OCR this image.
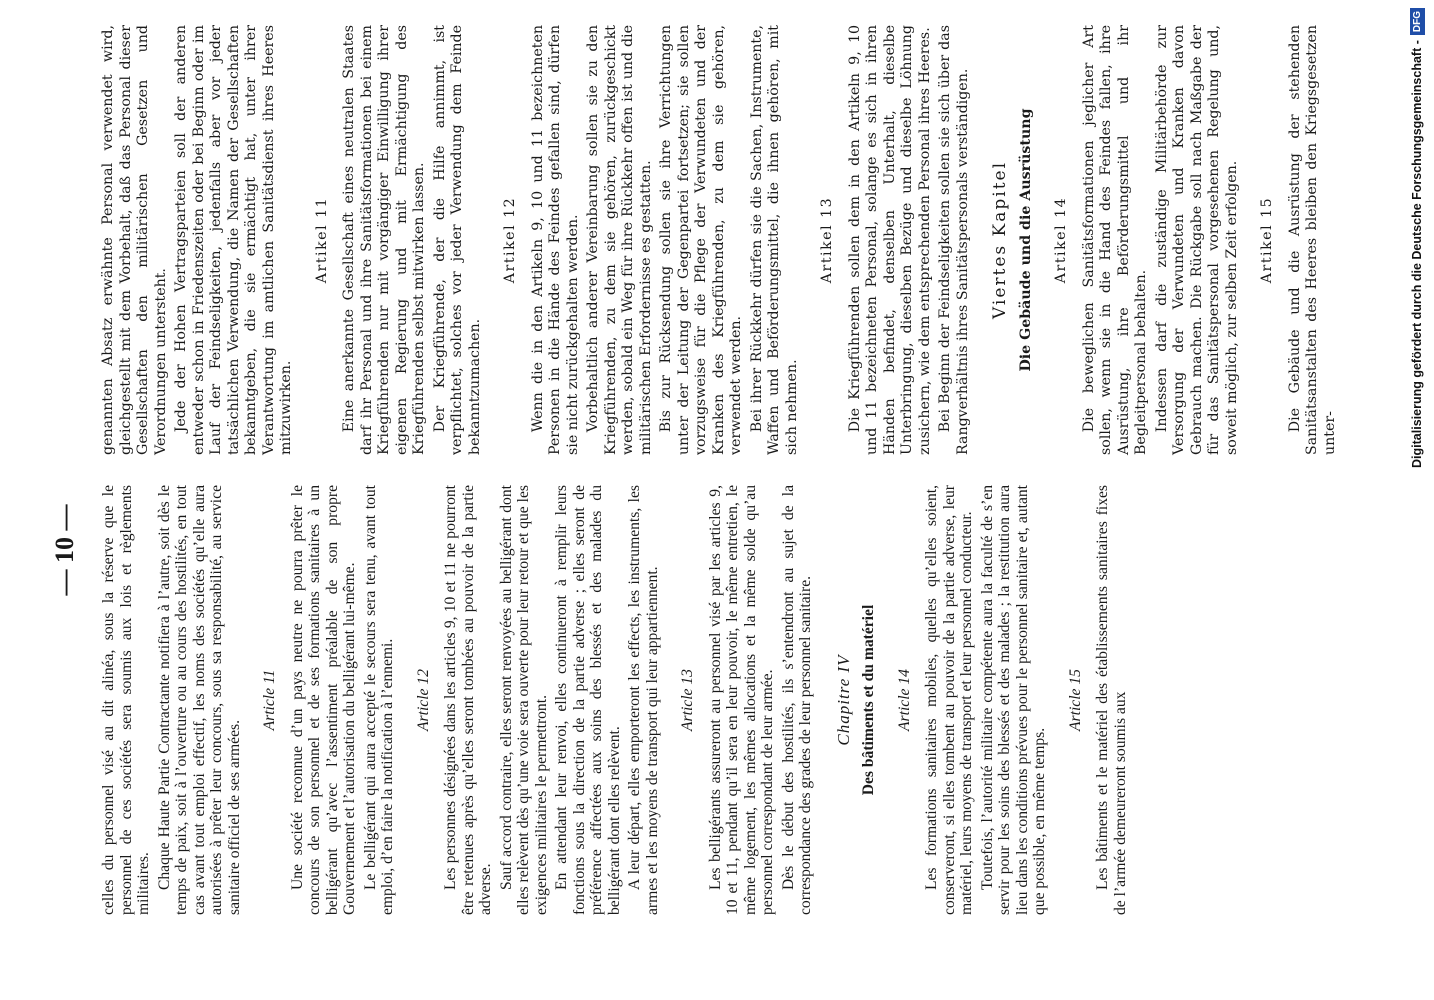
— 10 — celles du personnel visé au dit alinéa, sous la réserve que le personnel de ces sociétés sera soumis aux lois et règlements militaires. Chaque Haute Partie Contractante notifiera à l’autre, soit dès le temps de paix, soit à l’ouverture ou au cours des hostilités, en tout cas avant tout emploi effectif, les noms des sociétés qu’elle aura autorisées à prêter leur concours, sous sa responsabilité, au service sanitaire officiel de ses armées.

Article 11 Une société reconnue d’un pays neutre ne pourra prêter le concours de son personnel et de ses formations sanitaires à un belligérant qu’avec l’assentiment préalable de son propre Gouvernement et l’autorisation du belligérant lui-même. Le belligérant qui aura accepté le secours sera tenu, avant tout emploi, d’en faire la notification à l’ennemi. Article 12 Les personnes désignées dans les articles 9, 10 et 11 ne pourront être retenues après qu’elles seront tombées au pouvoir de la partie adverse. Sauf accord contraire, elles seront renvoyées au belligérant dont elles relèvent dès qu’une voie sera ouverte pour leur retour et que les exigences militaires le permettront. En attendant leur renvoi, elles continueront à remplir leurs fonctions sous la direction de la partie adverse ; elles seront de préférence affectées aux soins des blessés et des malades du belligérant dont elles relèvent. A leur départ, elles emporteront les effects, les instruments, les armes et les moyens de transport qui leur appartiennent. Article 13 Les belligérants assureront au personnel visé par les articles 9, 10 et 11, pendant qu’il sera en leur pouvoir, le même entretien, le même logement, les mêmes allocations et la même solde qu’au personnel correspondant de leur armée. Dès le début des hostilités, ils s’entendront au sujet de la correspondance des grades de leur personnel sanitaire. Chapitre IV Des bâtiments et du matériel Article 14 Les formations sanitaires mobiles, quelles qu’elles soient, conserveront, si elles tombent au pouvoir de la partie adverse, leur matériel, leurs moyens de transport et leur personnel conducteur. Toutefois, l’autorité militaire compétente aura la faculté de s’en servir pour les soins des blessés et des malades ; la restitution aura lieu dans les conditions prévues pour le personnel sanitaire et, autant que possible, en même temps.

Article 15 Les bâtiments et le matériel des établissements sanitaires fixes de l’armée demeureront soumis aux

genannten Absatz erwähnte Personal verwendet wird, gleichgestellt mit dem Vorbehalt, daß das Personal dieser Gesellschaften den militärischen Gesetzen und Verordnungen untersteht. Jede der Hohen Vertragsparteien soll der anderen entweder schon in Friedenszeiten oder bei Beginn oder im Lauf der Feindseligkeiten, jedenfalls aber vor jeder tatsächlichen Verwendung, die Namen der Gesellschaften bekanntgeben, die sie ermächtigt hat, unter ihrer Verantwortung im amtlichen Sanitätsdienst ihres Heeres mitzuwirken.

Artikel 11 Eine anerkannte Gesellschaft eines neutralen Staates darf ihr Personal und ihre Sanitätsformationen bei einem Kriegführenden nur mit vorgängiger Einwilligung ihrer eigenen Regierung und mit Ermächtigung des Kriegführenden selbst mitwirken lassen. Der Kriegführende, der die Hilfe annimmt, ist verpflichtet, solches vor jeder Verwendung dem Feinde bekanntzumachen.

Artikel 12 Wenn die in den Artikeln 9, 10 und 11 bezeichneten Personen in die Hände des Feindes gefallen sind, dürfen sie nicht zurückgehalten werden. Vorbehaltlich anderer Vereinbarung sollen sie zu den Kriegführenden, zu dem sie gehören, zurückgeschickt werden, sobald ein Weg für ihre Rückkehr offen ist und die militärischen Erfordernisse es gestatten. Bis zur Rücksendung sollen sie ihre Verrichtungen unter der Leitung der Gegenpartei fortsetzen; sie sollen vorzugsweise für die Pflege der Verwundeten und der Kranken des Kriegführenden, zu dem sie gehören, verwendet werden. Bei ihrer Rückkehr dürfen sie die Sachen, Instrumente, Waffen und Beförderungsmittel, die ihnen gehören, mit sich nehmen.

Artikel 13 Die Kriegführenden sollen dem in den Artikeln 9, 10 und 11 bezeichneten Personal, solange es sich in ihren Händen befindet, denselben Unterhalt, dieselbe Unterbringung, dieselben Bezüge und dieselbe Löhnung zusichern, wie dem entsprechenden Personal ihres Heeres. Bei Beginn der Feindseligkeiten sollen sie sich über das Rangverhältnis ihres Sanitätspersonals verständigen. Viertes Kapitel Die Gebäude und die Ausrüstung Artikel 14 Die beweglichen Sanitätsformationen jeglicher Art sollen, wenn sie in die Hand des Feindes fallen, ihre Ausrüstung, ihre Beförderungsmittel und ihr Begleitpersonal behalten. Indessen darf die zuständige Militärbehörde zur Versorgung der Verwundeten und Kranken davon Gebrauch machen. Die Rückgabe soll nach Maßgabe der für das Sanitätspersonal vorgesehenen Regelung und, soweit möglich, zur selben Zeit erfolgen. Artikel 15 Die Gebäude und die Ausrüstung der stehenden Sanitätsanstalten des Heeres bleiben den Kriegsgesetzen unter-	Digitalisierung gefördert durch die Deutsche Forschungsgemeinschaft -DFG
